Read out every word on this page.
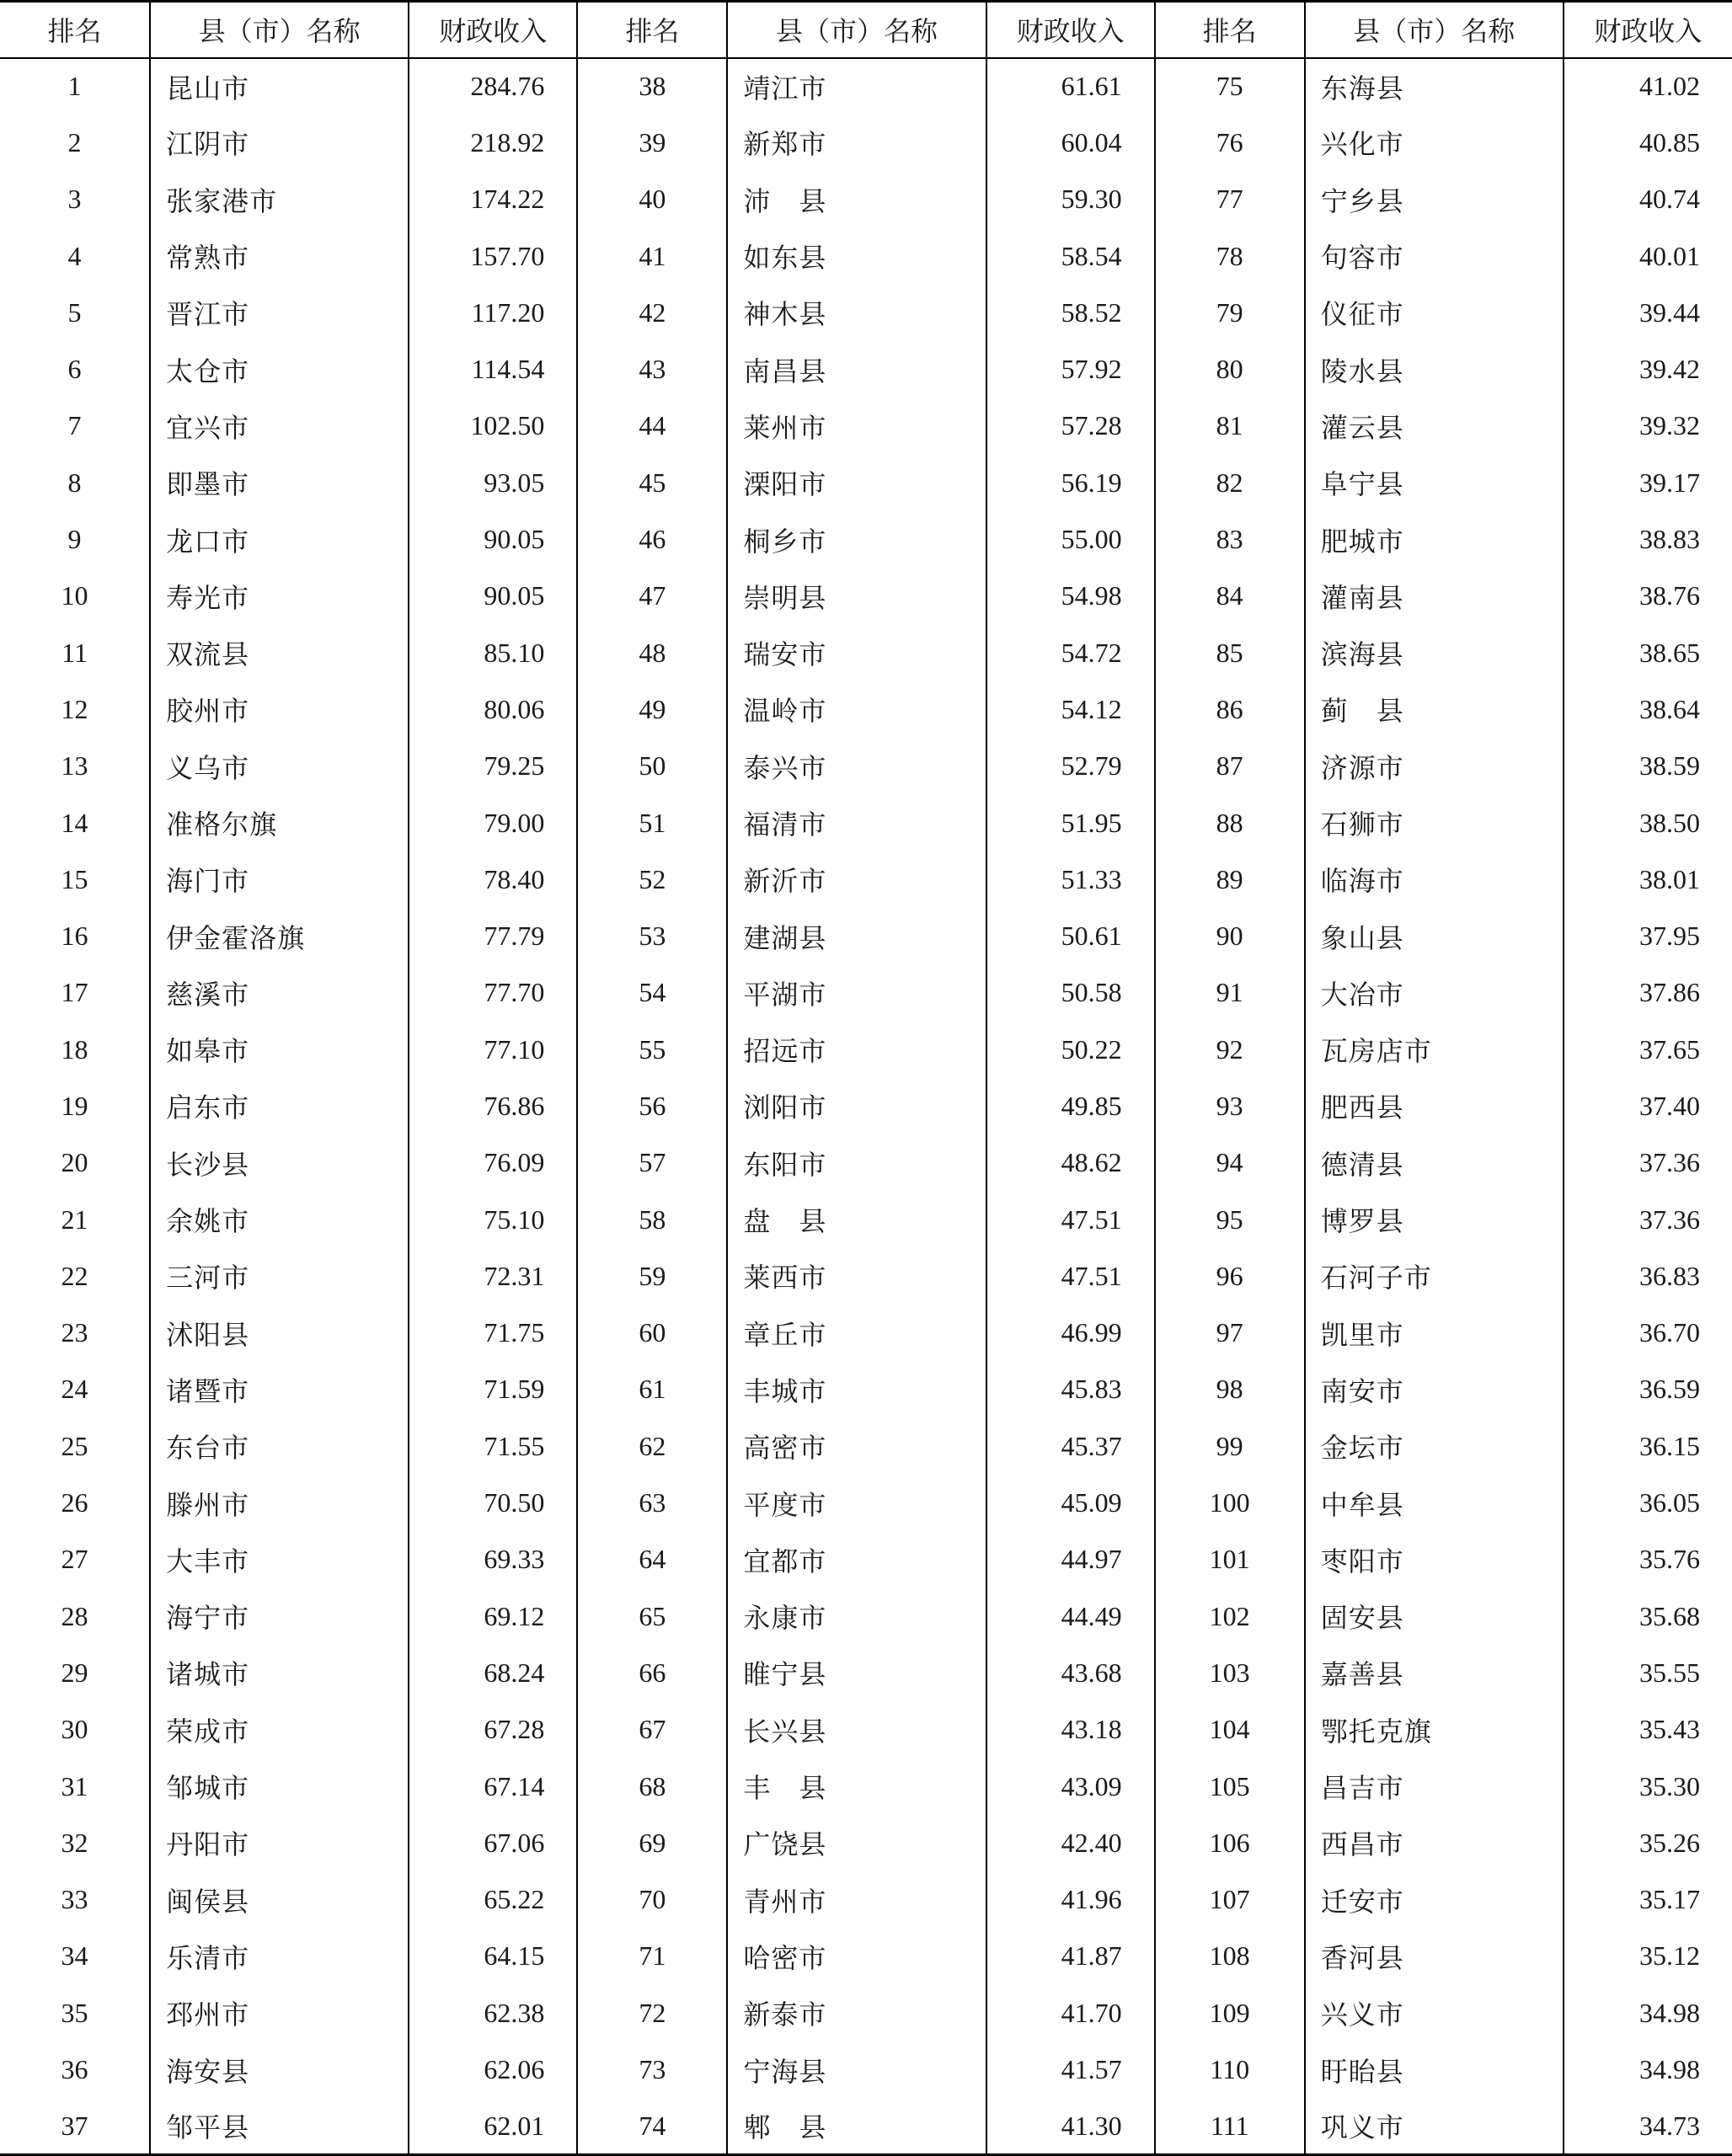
排名	县（市）名称	财政收入	排名	县（市）名称	财政收入	排名	县（市）名称	财政收入
1	昆山市	284.76	38	靖江市	61.61	75	东海县	41.02
2	江阴市	218.92	39	新郑市	60.04	76	兴化市	40.85
3	张家港市	174.22	40	沛　县	59.30	77	宁乡县	40.74
4	常熟市	157.70	41	如东县	58.54	78	句容市	40.01
5	晋江市	117.20	42	神木县	58.52	79	仪征市	39.44
6	太仓市	114.54	43	南昌县	57.92	80	陵水县	39.42
7	宜兴市	102.50	44	莱州市	57.28	81	灌云县	39.32
8	即墨市	93.05	45	溧阳市	56.19	82	阜宁县	39.17
9	龙口市	90.05	46	桐乡市	55.00	83	肥城市	38.83
10	寿光市	90.05	47	崇明县	54.98	84	灌南县	38.76
11	双流县	85.10	48	瑞安市	54.72	85	滨海县	38.65
12	胶州市	80.06	49	温岭市	54.12	86	蓟　县	38.64
13	义乌市	79.25	50	泰兴市	52.79	87	济源市	38.59
14	准格尔旗	79.00	51	福清市	51.95	88	石狮市	38.50
15	海门市	78.40	52	新沂市	51.33	89	临海市	38.01
16	伊金霍洛旗	77.79	53	建湖县	50.61	90	象山县	37.95
17	慈溪市	77.70	54	平湖市	50.58	91	大冶市	37.86
18	如皋市	77.10	55	招远市	50.22	92	瓦房店市	37.65
19	启东市	76.86	56	浏阳市	49.85	93	肥西县	37.40
20	长沙县	76.09	57	东阳市	48.62	94	德清县	37.36
21	余姚市	75.10	58	盘　县	47.51	95	博罗县	37.36
22	三河市	72.31	59	莱西市	47.51	96	石河子市	36.83
23	沭阳县	71.75	60	章丘市	46.99	97	凯里市	36.70
24	诸暨市	71.59	61	丰城市	45.83	98	南安市	36.59
25	东台市	71.55	62	高密市	45.37	99	金坛市	36.15
26	滕州市	70.50	63	平度市	45.09	100	中牟县	36.05
27	大丰市	69.33	64	宜都市	44.97	101	枣阳市	35.76
28	海宁市	69.12	65	永康市	44.49	102	固安县	35.68
29	诸城市	68.24	66	睢宁县	43.68	103	嘉善县	35.55
30	荣成市	67.28	67	长兴县	43.18	104	鄂托克旗	35.43
31	邹城市	67.14	68	丰　县	43.09	105	昌吉市	35.30
32	丹阳市	67.06	69	广饶县	42.40	106	西昌市	35.26
33	闽侯县	65.22	70	青州市	41.96	107	迁安市	35.17
34	乐清市	64.15	71	哈密市	41.87	108	香河县	35.12
35	邳州市	62.38	72	新泰市	41.70	109	兴义市	34.98
36	海安县	62.06	73	宁海县	41.57	110	盱眙县	34.98
37	邹平县	62.01	74	郫　县	41.30	111	巩义市	34.73
